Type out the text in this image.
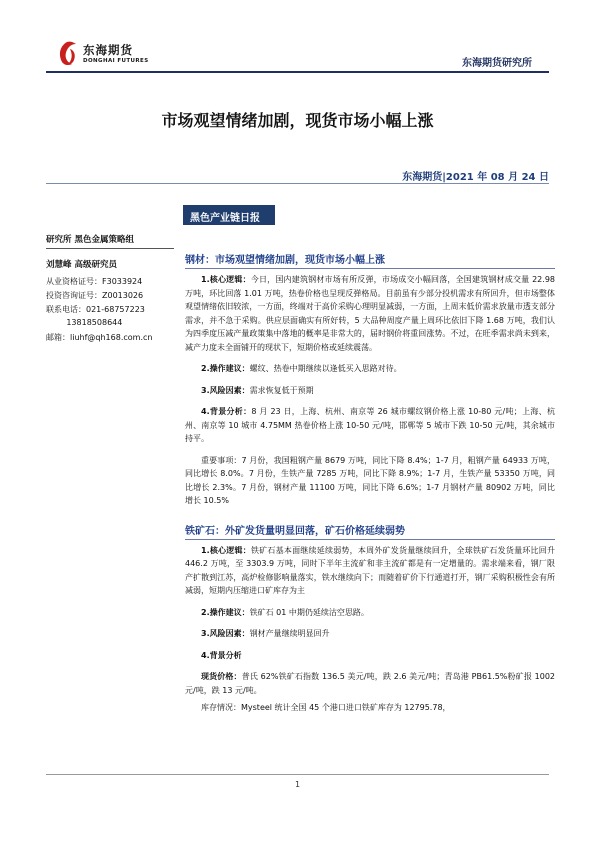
东海期货
DONGHAI FUTURES	东海期货研究所
市场观望情绪加剧，现货市场小幅上涨
东海期货|2021 年 08 月 24 日
黑色产业链日报
研究所 黑色金属策略组
刘慧峰 高级研究员
从业资格证号：F3033924
投资咨询证号：Z0013026
联系电话：021-68757223
13818508644
邮箱：liuhf@qh168.com.cn
钢材：市场观望情绪加剧，现货市场小幅上涨

1.核心逻辑：今日，国内建筑钢材市场有所反弹，市场成交小幅回落，全国建筑钢材成交量 22.98 万吨，环比回落 1.01 万吨，热卷价格也呈现反弹格局。目前虽有少部分投机需求有所回升，但市场整体观望情绪依旧较浓，一方面，终端对于高价采购心理明显减弱，一方面，上周末低价需求放量市透支部分需求，并不急于采购。供应层面确实有所好转，5 大品种周度产量上周环比依旧下降 1.68 万吨，我们认为四季度压减产量政策集中落地的概率是非常大的，届时钢价将重回涨势。不过，在旺季需求尚未到来，减产力度未全面铺开的现状下，短期价格或延续震荡。

2.操作建议：螺纹、热卷中期继续以逢低买入思路对待。

3.风险因素：需求恢复低于预期

4.背景分析：8 月 23 日，上海、杭州、南京等 26 城市螺纹钢价格上涨 10-80 元/吨；上海、杭州、南京等 10 城市 4.75MM 热卷价格上涨 10-50 元/吨，邯郸等 5 城市下跌 10-50 元/吨，其余城市持平。

重要事项：7 月份，我国粗钢产量 8679 万吨，同比下降 8.4%；1-7 月，粗钢产量 64933 万吨，同比增长 8.0%。7 月份，生铁产量 7285 万吨，同比下降 8.9%；1-7 月，生铁产量 53350 万吨，同比增长 2.3%。7 月份，钢材产量 11100 万吨，同比下降 6.6%；1-7 月钢材产量 80902 万吨，同比增长 10.5%

铁矿石：外矿发货量明显回落，矿石价格延续弱势

1.核心逻辑：铁矿石基本面继续延续弱势，本周外矿发货量继续回升，全球铁矿石发货量环比回升 446.2 万吨，至 3303.9 万吨，同时下半年主流矿和非主流矿都是有一定增量的。需求端来看，钢厂限产扩散到江苏，高炉检修影响量落实，铁水继续向下；而随着矿价下行通道打开，钢厂采购积极性会有所减弱，短期内压缩进口矿库存为主

2.操作建议：铁矿石 01 中期仍延续沽空思路。

3.风险因素：钢材产量继续明显回升

4.背景分析

现货价格：普氏 62%铁矿石指数 136.5 美元/吨，跌 2.6 美元/吨；青岛港 PB61.5%粉矿报 1002 元/吨，跌 13 元/吨。

库存情况：Mysteel 统计全国 45 个港口进口铁矿库存为 12795.78，

1
